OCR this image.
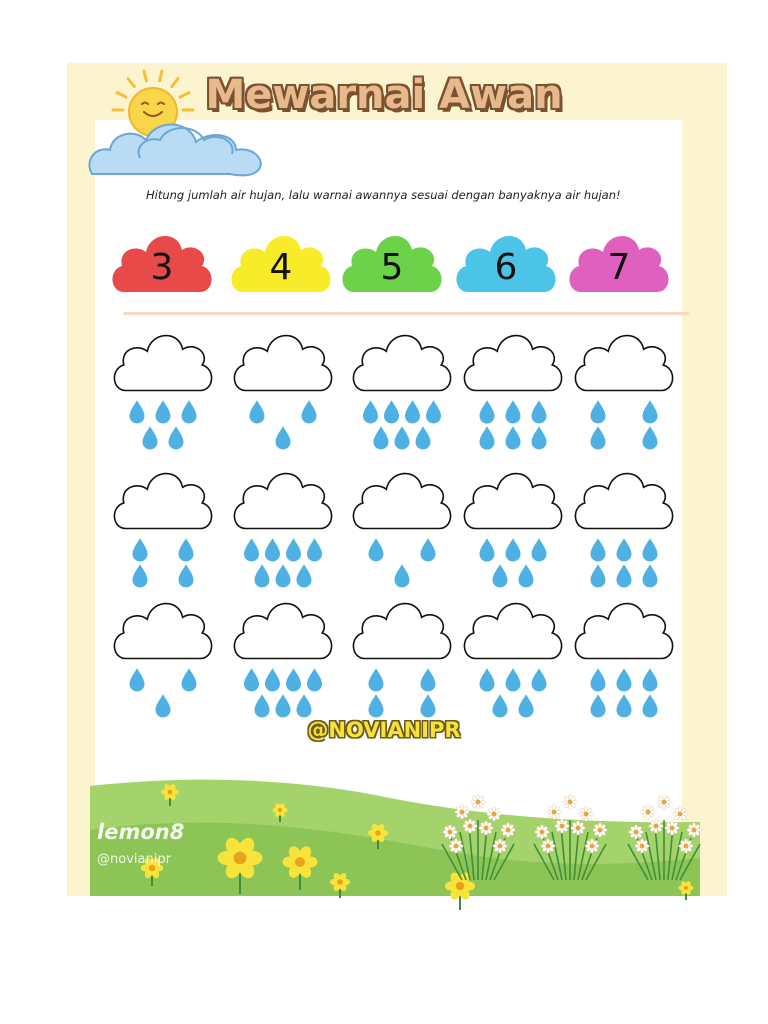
3	4 5	6	7
Mewarnai Awan
Hitung jumlah air hujan, lalu warnai awannya sesuai dengan banyaknya air hujan!
@NOVIANIPR
lemon8
@novianipr
